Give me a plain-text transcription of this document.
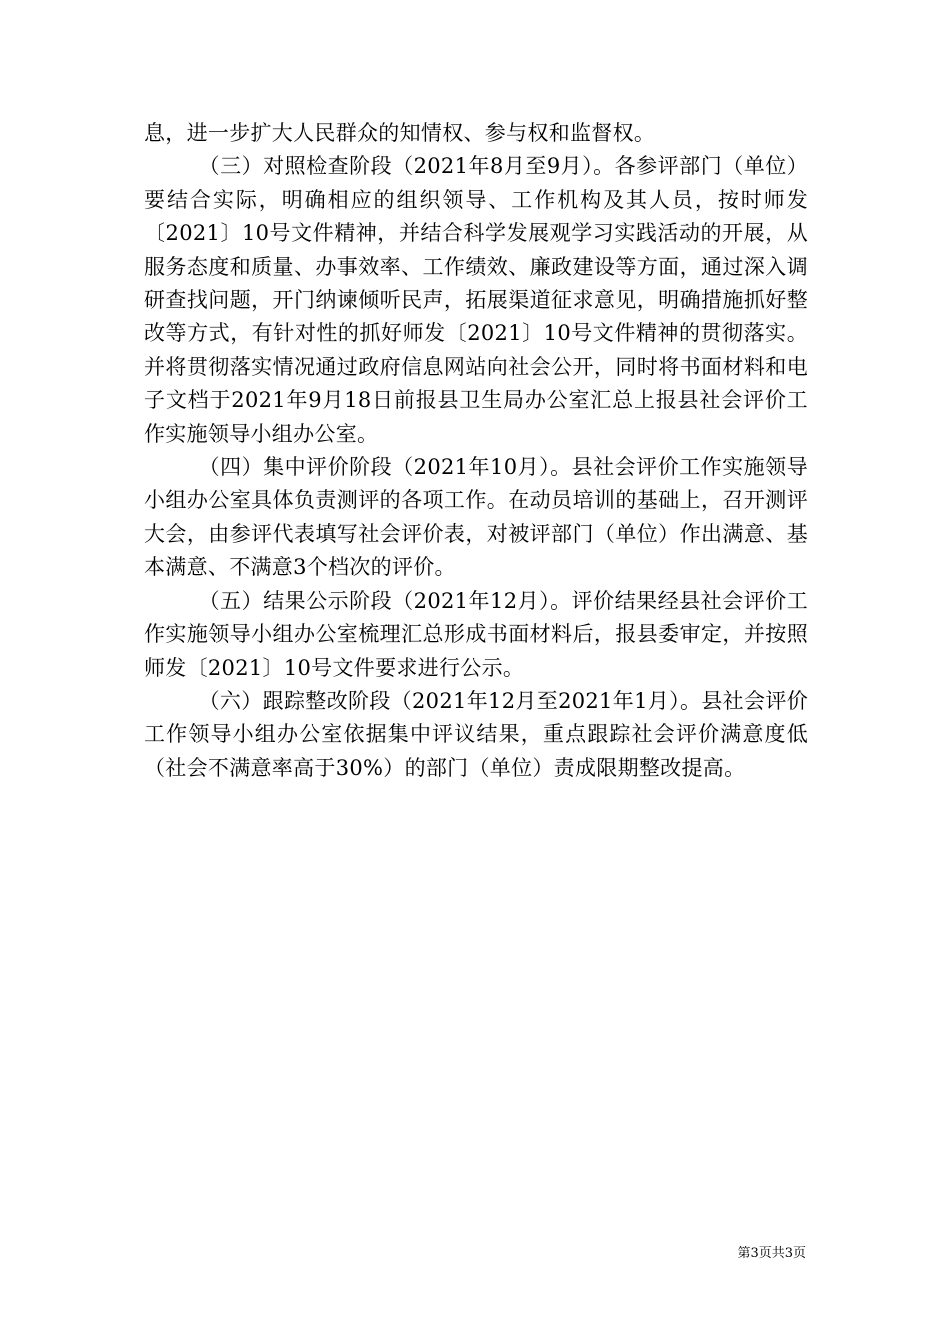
息，进一步扩大人民群众的知情权、参与权和监督权。

（三）对照检查阶段（2021年8月至9月）。各参评部门（单位）要结合实际，明确相应的组织领导、工作机构及其人员，按时师发〔2021〕10号文件精神，并结合科学发展观学习实践活动的开展，从服务态度和质量、办事效率、工作绩效、廉政建设等方面，通过深入调研查找问题，开门纳谏倾听民声，拓展渠道征求意见，明确措施抓好整改等方式，有针对性的抓好师发〔2021〕10号文件精神的贯彻落实。并将贯彻落实情况通过政府信息网站向社会公开，同时将书面材料和电子文档于2021年9月18日前报县卫生局办公室汇总上报县社会评价工作实施领导小组办公室。

（四）集中评价阶段（2021年10月）。县社会评价工作实施领导小组办公室具体负责测评的各项工作。在动员培训的基础上，召开测评大会，由参评代表填写社会评价表，对被评部门（单位）作出满意、基本满意、不满意3个档次的评价。

（五）结果公示阶段（2021年12月）。评价结果经县社会评价工作实施领导小组办公室梳理汇总形成书面材料后，报县委审定，并按照师发〔2021〕10号文件要求进行公示。

（六）跟踪整改阶段（2021年12月至2021年1月）。县社会评价工作领导小组办公室依据集中评议结果，重点跟踪社会评价满意度低（社会不满意率高于30%）的部门（单位）责成限期整改提高。

第3页共3页
